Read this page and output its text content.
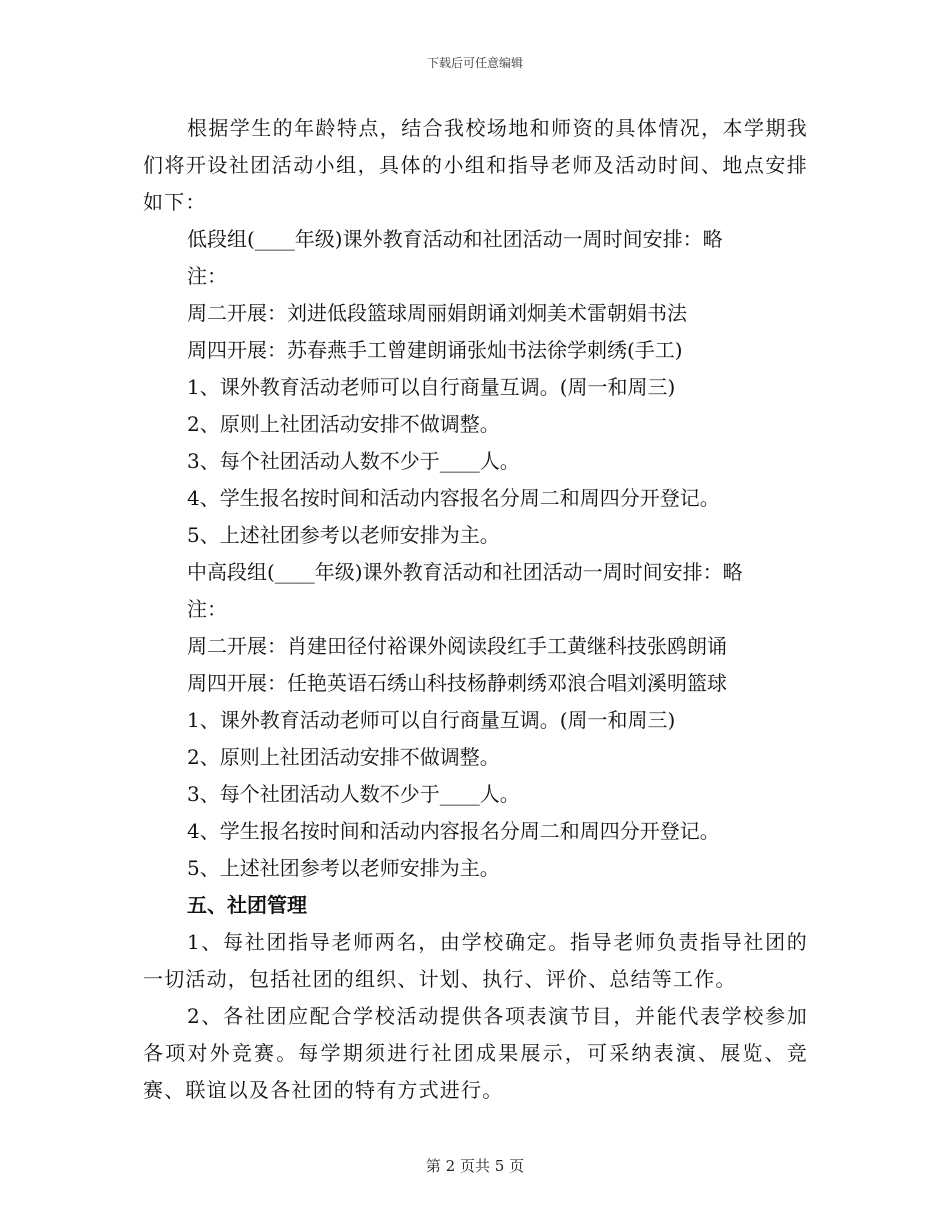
下载后可任意编辑

根据学生的年龄特点，结合我校场地和师资的具体情况，本学期我们将开设社团活动小组，具体的小组和指导老师及活动时间、地点安排如下：

低段组(____年级)课外教育活动和社团活动一周时间安排：略

注：

周二开展：刘进低段篮球周丽娟朗诵刘炯美术雷朝娟书法

周四开展：苏春燕手工曾建朗诵张灿书法徐学刺绣(手工)

1、课外教育活动老师可以自行商量互调。(周一和周三)

2、原则上社团活动安排不做调整。

3、每个社团活动人数不少于____人。

4、学生报名按时间和活动内容报名分周二和周四分开登记。

5、上述社团参考以老师安排为主。

中高段组(____年级)课外教育活动和社团活动一周时间安排：略

注：

周二开展：肖建田径付裕课外阅读段红手工黄继科技张鸥朗诵

周四开展：任艳英语石绣山科技杨静刺绣邓浪合唱刘溪明篮球

1、课外教育活动老师可以自行商量互调。(周一和周三)

2、原则上社团活动安排不做调整。

3、每个社团活动人数不少于____人。

4、学生报名按时间和活动内容报名分周二和周四分开登记。

5、上述社团参考以老师安排为主。

五、社团管理

1、每社团指导老师两名，由学校确定。指导老师负责指导社团的一切活动，包括社团的组织、计划、执行、评价、总结等工作。

2、各社团应配合学校活动提供各项表演节目，并能代表学校参加各项对外竞赛。每学期须进行社团成果展示，可采纳表演、展览、竞赛、联谊以及各社团的特有方式进行。

第 2 页共 5 页
